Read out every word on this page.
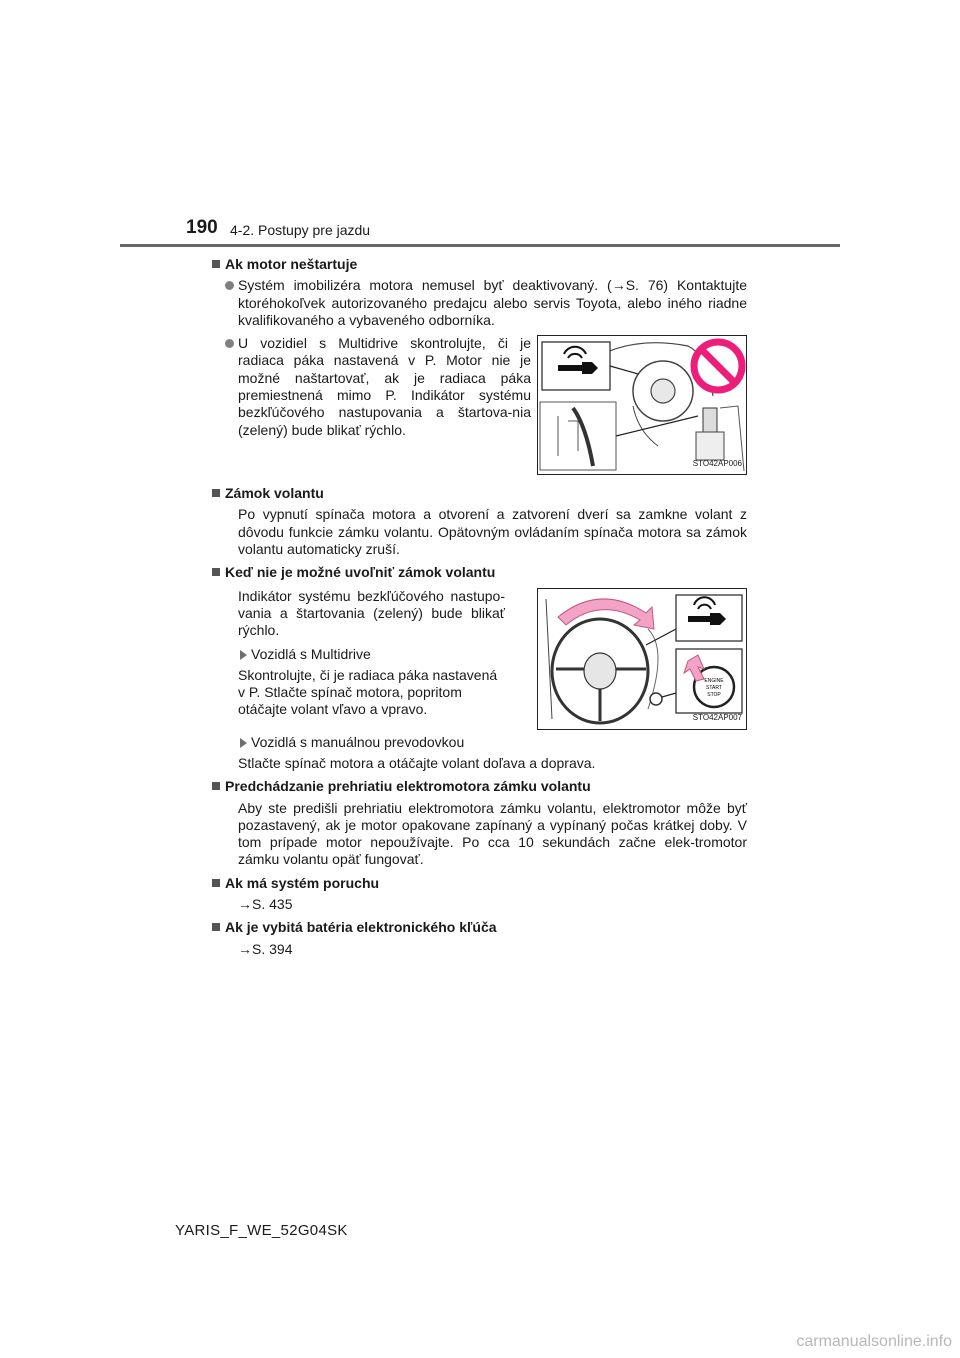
190 4-2. Postupy pre jazdu
Ak motor neštartuje
Systém imobilizéra motora nemusel byť deaktivovaný. (→S. 76) Kontaktujte ktoréhokoľvek autorizovaného predajcu alebo servis Toyota, alebo iného riadne kvalifikovaného a vybaveného odborníka.
U vozidiel s Multidrive skontrolujte, či je radiaca páka nastavená v P. Motor nie je možné naštartovať, ak je radiaca páka premiestnená mimo P. Indikátor systému bezkľúčového nastupovania a štartova-nia (zelený) bude blikať rýchlo.
STO42AP006
Zámok volantu
Po vypnutí spínača motora a otvorení a zatvorení dverí sa zamkne volant z dôvodu funkcie zámku volantu. Opätovným ovládaním spínača motora sa zámok volantu automaticky zruší.
Keď nie je možné uvoľniť zámok volantu
Indikátor systému bezkľúčového nastupo-vania a štartovania (zelený) bude blikať rýchlo.
Vozidlá s Multidrive
Skontrolujte, či je radiaca páka nastavená v P. Stlačte spínač motora, popritom otáčajte volant vľavo a vpravo.
ENGINE
START
STOP
STO42AP007
Vozidlá s manuálnou prevodovkou
Stlačte spínač motora a otáčajte volant doľava a doprava.
Predchádzanie prehriatiu elektromotora zámku volantu
Aby ste predišli prehriatiu elektromotora zámku volantu, elektromotor môže byť pozastavený, ak je motor opakovane zapínaný a vypínaný počas krátkej doby. V tom prípade motor nepoužívajte. Po cca 10 sekundách začne elek-tromotor zámku volantu opäť fungovať.
Ak má systém poruchu
→S. 435
Ak je vybitá batéria elektronického kľúča
→S. 394
YARIS_F_WE_52G04SK
carmanualsonline.info
